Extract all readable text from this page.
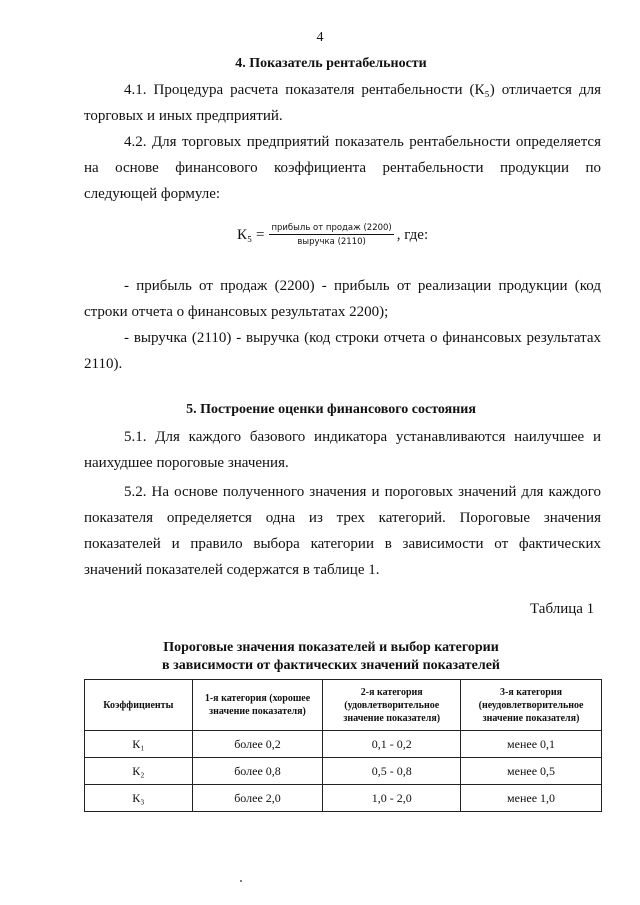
4
4. Показатель рентабельности

4.1. Процедура расчета показателя рентабельности (К₅) отличается для торговых и иных предприятий.

4.2. Для торговых предприятий показатель рентабельности определяется на основе финансового коэффициента рентабельности продукции по следующей формуле:

$К_5 = \frac{\text{прибыль от продаж (2200)}}{\text{выручка (2110)}}$ , где:

- прибыль от продаж (2200) - прибыль от реализации продукции (код строки отчета о финансовых результатах 2200);

- выручка (2110) - выручка (код строки отчета о финансовых результатах 2110).

5. Построение оценки финансового состояния

5.1. Для каждого базового индикатора устанавливаются наилучшее и наихудшее пороговые значения.

5.2. На основе полученного значения и пороговых значений для каждого показателя определяется одна из трех категорий. Пороговые значения показателей и правило выбора категории в зависимости от фактических значений показателей содержатся в таблице 1.

Таблица 1
Пороговые значения показателей и выбор категории
в зависимости от фактических значений показателей
Коэффициенты	1-я категория (хорошее значение показателя)	2-я категория (удовлетворительное значение показателя)	3-я категория (неудовлетворительное значение показателя)
К₁	более 0,2	0,1 - 0,2	менее 0,1
К₂	более 0,8	0,5 - 0,8	менее 0,5
К₃	более 2,0	1,0 - 2,0	менее 1,0
